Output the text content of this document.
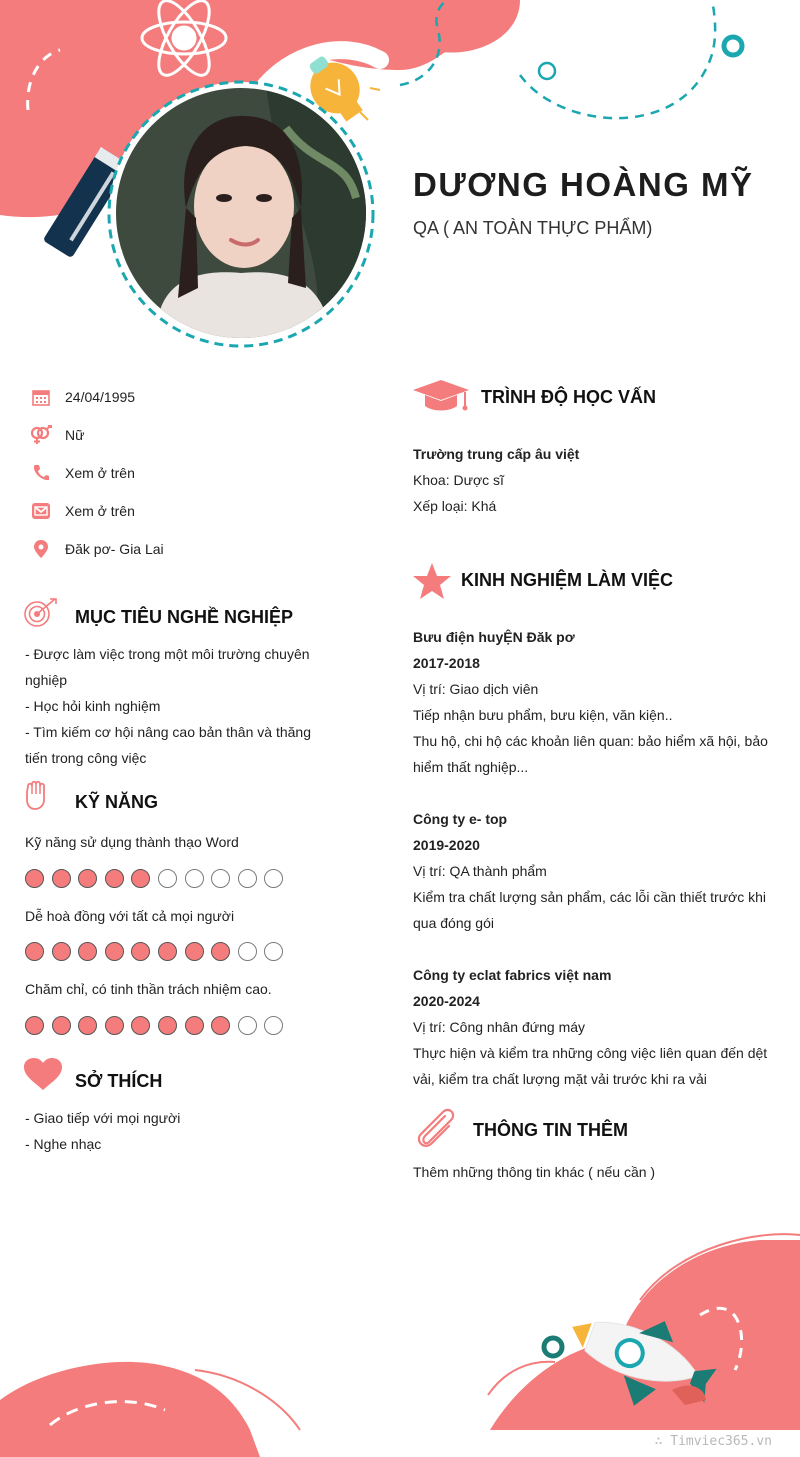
DƯƠNG HOÀNG MỸ
QA ( AN TOÀN THỰC PHẨM)
24/04/1995
Nữ
Xem ở trên
Xem ở trên
Đăk pơ- Gia Lai
MỤC TIÊU NGHỀ NGHIỆP
- Được làm việc trong một môi trường chuyên
nghiệp
- Học hỏi kinh nghiệm
- Tìm kiếm cơ hội nâng cao bản thân và thăng
tiến trong công việc
KỸ NĂNG
Kỹ năng sử dụng thành thạo Word
Dễ hoà đồng với tất cả mọi người
Chăm chỉ, có tinh thần trách nhiệm cao.
SỞ THÍCH
- Giao tiếp với mọi người
- Nghe nhạc
TRÌNH ĐỘ HỌC VẤN
Trường trung cấp âu việt
Khoa: Dược sĩ
Xếp loại: Khá
KINH NGHIỆM LÀM VIỆC
Bưu điện huyỆN Đăk pơ
2017-2018
Vị trí: Giao dịch viên
Tiếp nhận bưu phẩm, bưu kiện, văn kiện..
Thu hộ, chi hộ các khoản liên quan: bảo hiểm xã hội, bảo
hiểm thất nghiệp...
Công ty e- top
2019-2020
Vị trí: QA thành phẩm
Kiểm tra chất lượng sản phẩm, các lỗi cần thiết trước khi
qua đóng gói
Công ty eclat fabrics việt nam
2020-2024
Vị trí: Công nhân đứng máy
Thực hiện và kiểm tra những công việc liên quan đến dệt
vải, kiểm tra chất lượng mặt vải trước khi ra vải
THÔNG TIN THÊM
Thêm những thông tin khác ( nếu cần )
∴ Timviec365.vn
